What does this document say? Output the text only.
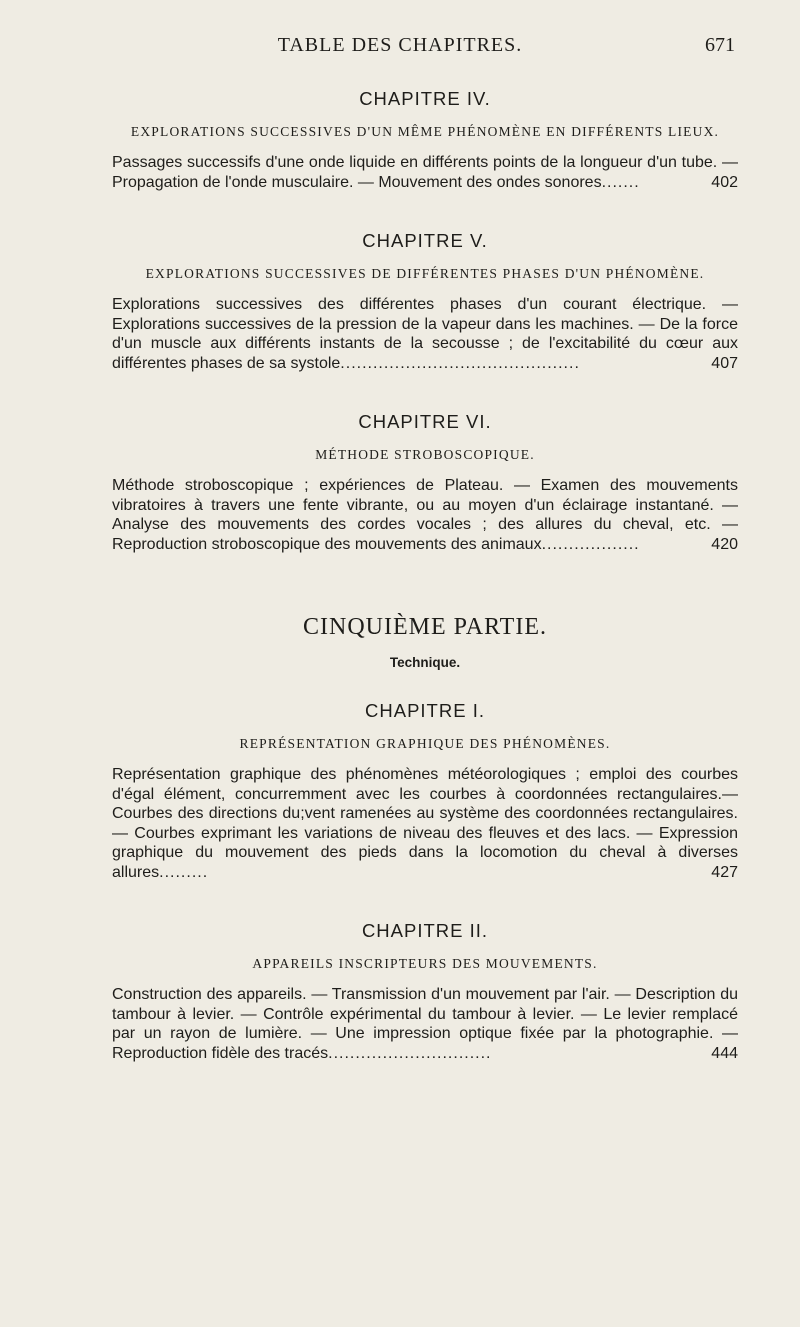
TABLE DES CHAPITRES.	671
CHAPITRE IV.
EXPLORATIONS SUCCESSIVES D'UN MÊME PHÉNOMÈNE EN DIFFÉRENTS LIEUX.

Passages successifs d'une onde liquide en différents points de la longueur d'un tube. — Propagation de l'onde musculaire. — Mouvement des ondes sonores.......	402

CHAPITRE V.
EXPLORATIONS SUCCESSIVES DE DIFFÉRENTES PHASES D'UN PHÉNOMÈNE.

Explorations successives des différentes phases d'un courant électrique. — Explorations successives de la pression de la vapeur dans les machines. — De la force d'un muscle aux différents instants de la secousse ; de l'excitabilité du cœur aux différentes phases de sa systole............................................	407

CHAPITRE VI.
MÉTHODE STROBOSCOPIQUE.

Méthode stroboscopique ; expériences de Plateau. — Examen des mouvements vibratoires à travers une fente vibrante, ou au moyen d'un éclairage instantané. — Analyse des mouvements des cordes vocales ; des allures du cheval, etc. — Reproduction stroboscopique des mouvements des animaux..................	420

CINQUIÈME PARTIE.
Technique.
CHAPITRE I.
REPRÉSENTATION GRAPHIQUE DES PHÉNOMÈNES.

Représentation graphique des phénomènes météorologiques ; emploi des courbes d'égal élément, concurremment avec les courbes à coordonnées rectangulaires.—Courbes des directions du;vent ramenées au système des coordonnées rectangulaires. — Courbes exprimant les variations de niveau des fleuves et des lacs. — Expression graphique du mouvement des pieds dans la locomotion du cheval à diverses allures.........	427

CHAPITRE II.
APPAREILS INSCRIPTEURS DES MOUVEMENTS.

Construction des appareils. — Transmission d'un mouvement par l'air. — Description du tambour à levier. — Contrôle expérimental du tambour à levier. — Le levier remplacé par un rayon de lumière. — Une impression optique fixée par la photographie. — Reproduction fidèle des tracés..............................	444
